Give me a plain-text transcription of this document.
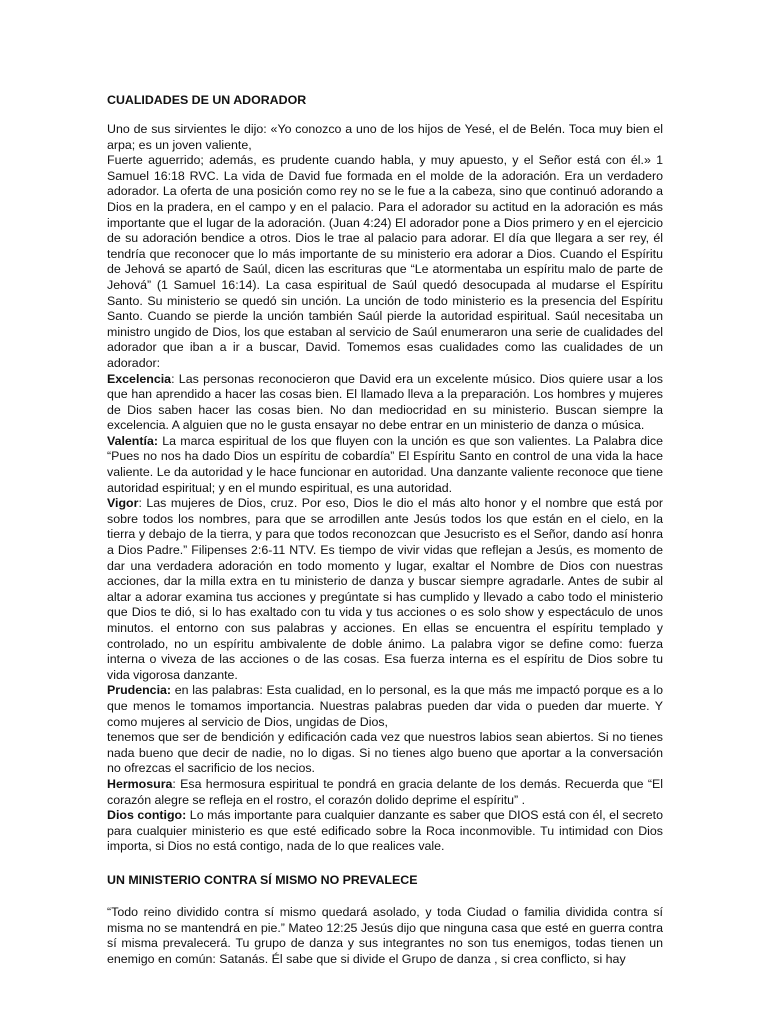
CUALIDADES DE UN ADORADOR

Uno de sus sirvientes le dijo: «Yo conozco a uno de los hijos de Yesé, el de Belén. Toca muy bien el arpa; es un joven valiente,
Fuerte aguerrido; además, es prudente cuando habla, y muy apuesto, y el Señor está con él.» 1 Samuel 16:18 RVC. La vida de David fue formada en el molde de la adoración. Era un verdadero adorador. La oferta de una posición como rey no se le fue a la cabeza, sino que continuó adorando a Dios en la pradera, en el campo y en el palacio. Para el adorador su actitud en la adoración es más importante que el lugar de la adoración. (Juan 4:24) El adorador pone a Dios primero y en el ejercicio de su adoración bendice a otros. Dios le trae al palacio para adorar. El día que llegara a ser rey, él tendría que reconocer que lo más importante de su ministerio era adorar a Dios. Cuando el Espíritu de Jehová se apartó de Saúl, dicen las escrituras que “Le atormentaba un espíritu malo de parte de Jehová” (1 Samuel 16:14). La casa espiritual de Saúl quedó desocupada al mudarse el Espíritu Santo. Su ministerio se quedó sin unción. La unción de todo ministerio es la presencia del Espíritu Santo. Cuando se pierde la unción también Saúl pierde la autoridad espiritual. Saúl necesitaba un ministro ungido de Dios, los que estaban al servicio de Saúl enumeraron una serie de cualidades del adorador que iban a ir a buscar, David. Tomemos esas cualidades como las cualidades de un adorador:

Excelencia: Las personas reconocieron que David era un excelente músico. Dios quiere usar a los que han aprendido a hacer las cosas bien. El llamado lleva a la preparación. Los hombres y mujeres de Dios saben hacer las cosas bien. No dan mediocridad en su ministerio. Buscan siempre la excelencia. A alguien que no le gusta ensayar no debe entrar en un ministerio de danza o música.

Valentía: La marca espiritual de los que fluyen con la unción es que son valientes. La Palabra dice “Pues no nos ha dado Dios un espíritu de cobardía” El Espíritu Santo en control de una vida la hace valiente. Le da autoridad y le hace funcionar en autoridad. Una danzante valiente reconoce que tiene autoridad espiritual; y en el mundo espiritual, es una autoridad.

Vigor: Las mujeres de Dios, cruz. Por eso, Dios le dio el más alto honor y el nombre que está por sobre todos los nombres, para que se arrodillen ante Jesús todos los que están en el cielo, en la tierra y debajo de la tierra, y para que todos reconozcan que Jesucristo es el Señor, dando así honra a Dios Padre.” Filipenses 2:6-11 NTV. Es tiempo de vivir vidas que reflejan a Jesús, es momento de dar una verdadera adoración en todo momento y lugar, exaltar el Nombre de Dios con nuestras acciones, dar la milla extra en tu ministerio de danza y buscar siempre agradarle. Antes de subir al altar a adorar examina tus acciones y pregúntate si has cumplido y llevado a cabo todo el ministerio que Dios te dió, si lo has exaltado con tu vida y tus acciones o es solo show y espectáculo de unos minutos. el entorno con sus palabras y acciones. En ellas se encuentra el espíritu templado y controlado, no un espíritu ambivalente de doble ánimo. La palabra vigor se define como: fuerza interna o viveza de las acciones o de las cosas. Esa fuerza interna es el espíritu de Dios sobre tu vida vigorosa danzante.

Prudencia: en las palabras: Esta cualidad, en lo personal, es la que más me impactó porque es a lo que menos le tomamos importancia. Nuestras palabras pueden dar vida o pueden dar muerte. Y como mujeres al servicio de Dios, ungidas de Dios,

tenemos que ser de bendición y edificación cada vez que nuestros labios sean abiertos. Si no tienes nada bueno que decir de nadie, no lo digas. Si no tienes algo bueno que aportar a la conversación no ofrezcas el sacrificio de los necios.

Hermosura: Esa hermosura espiritual te pondrá en gracia delante de los demás. Recuerda que “El corazón alegre se refleja en el rostro, el corazón dolido deprime el espíritu” .

Dios contigo: Lo más importante para cualquier danzante es saber que DIOS está con él, el secreto para cualquier ministerio es que esté edificado sobre la Roca inconmovible. Tu intimidad con Dios importa, si Dios no está contigo, nada de lo que realices vale.

UN MINISTERIO CONTRA SÍ MISMO NO PREVALECE

“Todo reino dividido contra sí mismo quedará asolado, y toda Ciudad o familia dividida contra sí misma no se mantendrá en pie.” Mateo 12:25 Jesús dijo que ninguna casa que esté en guerra contra sí misma prevalecerá. Tu grupo de danza y sus integrantes no son tus enemigos, todas tienen un enemigo en común: Satanás. Él sabe que si divide el Grupo de danza , si crea conflicto, si hay
